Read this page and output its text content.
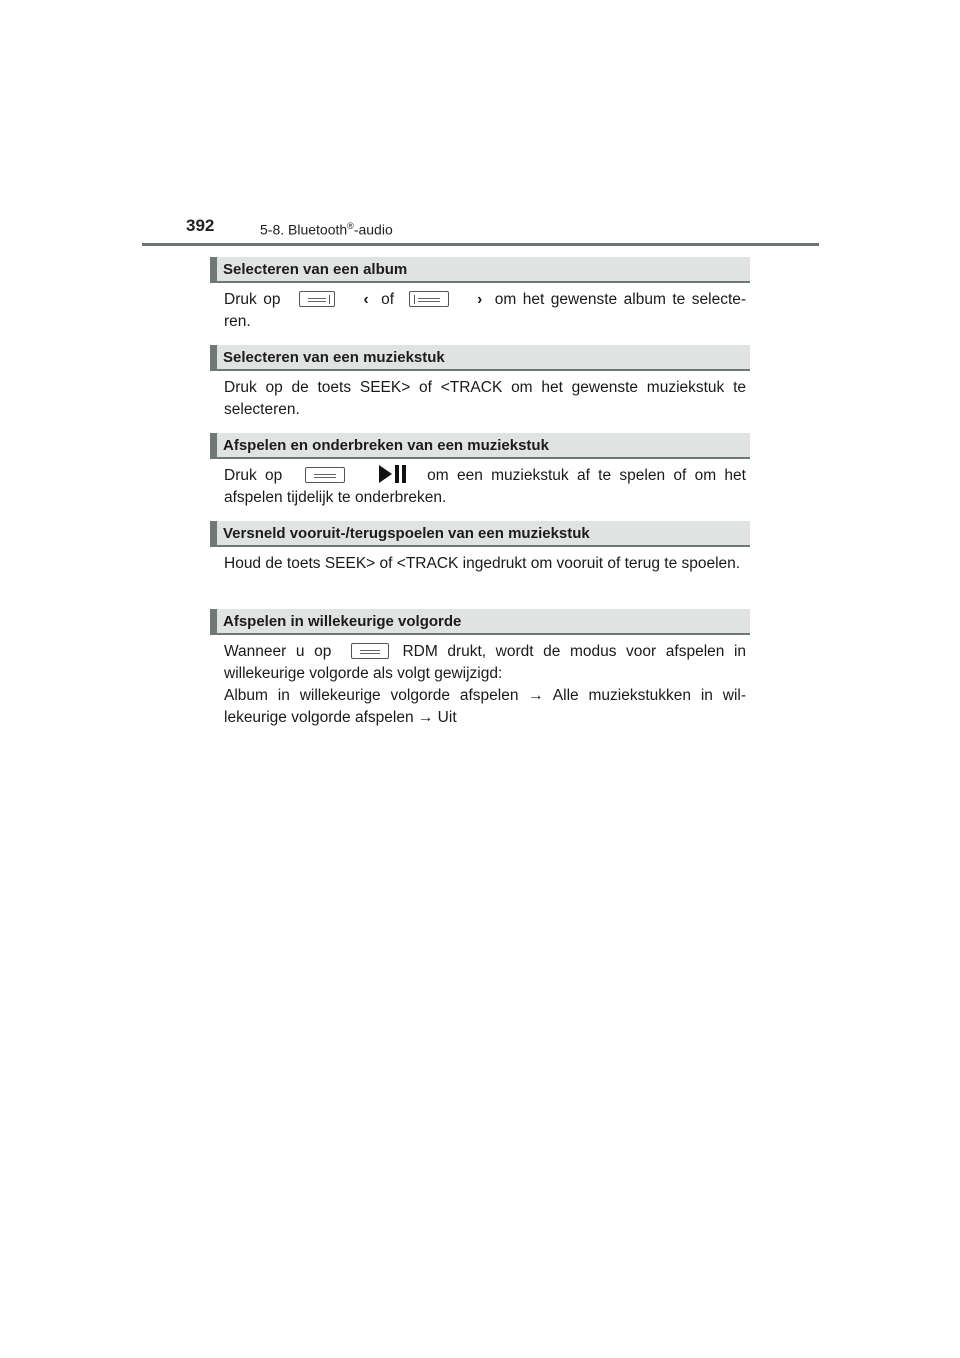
392	5-8. Bluetooth®-audio
Selecteren van een album
Druk op	‹ of	› om het gewenste album te selecte-ren.
Selecteren van een muziekstuk
Druk op de toets SEEK> of <TRACK om het gewenste muziekstuk te selecteren.
Afspelen en onderbreken van een muziekstuk
Druk op	om een muziekstuk af te spelen of om het afspelen tijdelijk te onderbreken.
Versneld vooruit-/terugspoelen van een muziekstuk
Houd de toets SEEK> of <TRACK ingedrukt om vooruit of terug te spoelen.
Afspelen in willekeurige volgorde
Wanneer u op	RDM drukt, wordt de modus voor afspelen in willekeurige volgorde als volgt gewijzigd:
Album in willekeurige volgorde afspelen → Alle muziekstukken in wil-lekeurige volgorde afspelen → Uit
